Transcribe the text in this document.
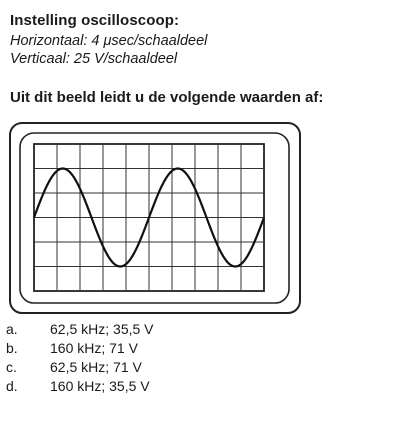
Instelling oscilloscoop:
Horizontaal: 4 μsec/schaaldeel
Verticaal: 25 V/schaaldeel
Uit dit beeld leidt u de volgende waarden af:
a.	62,5 kHz; 35,5 V
b.	160 kHz; 71 V
c.	62,5 kHz; 71 V
d.	160 kHz; 35,5 V
